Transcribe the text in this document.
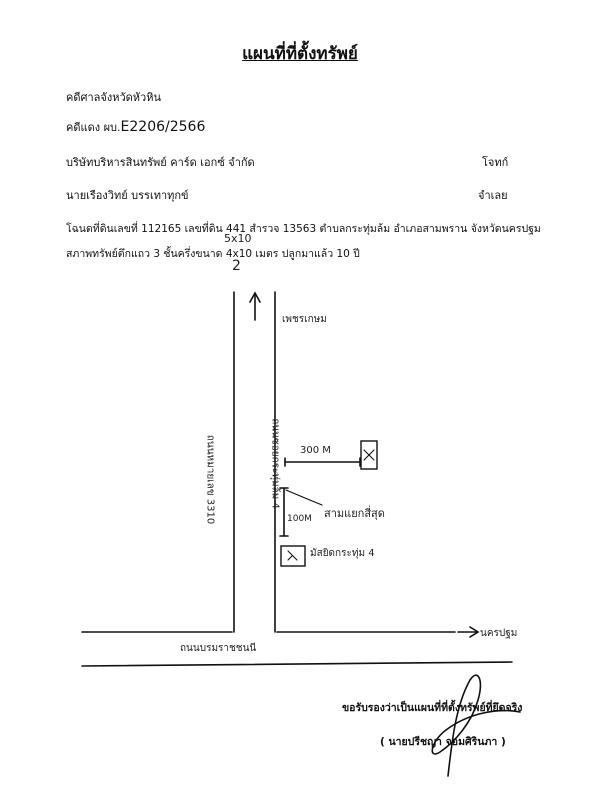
แผนที่ที่ตั้งทรัพย์
คดีศาลจังหวัดหัวหิน
คดีแดง ผบ.E2206/2566
บริษัทบริหารสินทรัพย์ คาร์ด เอกซ์ จำกัด	โจทก์
นายเรืองวิทย์ บรรเทาทุกข์	จำเลย
โฉนดที่ดินเลขที่ 112165 เลขที่ดิน 441 สำรวจ 13563 ตำบลกระทุ่มล้ม อำเภอสามพราน จังหวัดนครปฐม
สภาพทรัพย์ตึกแถว 3 ชั้นครึ่งขนาด 4x10 เมตร ปลูกมาแล้ว 10 ปี
5x10
2
เพชรเกษม
ถนนหมายเลข 3310	ถนนซอยกระทุ่มล้ม 4 300 M
100M สามแยกสี่สุด
มัสยิดกระทุ่ม 4
ถนนบรมราชชนนี
นครปฐม
ขอรับรองว่าเป็นแผนที่ที่ตั้งทรัพย์ที่ยึดจริง
( นายปรีชญา จอมศิรินภา )
